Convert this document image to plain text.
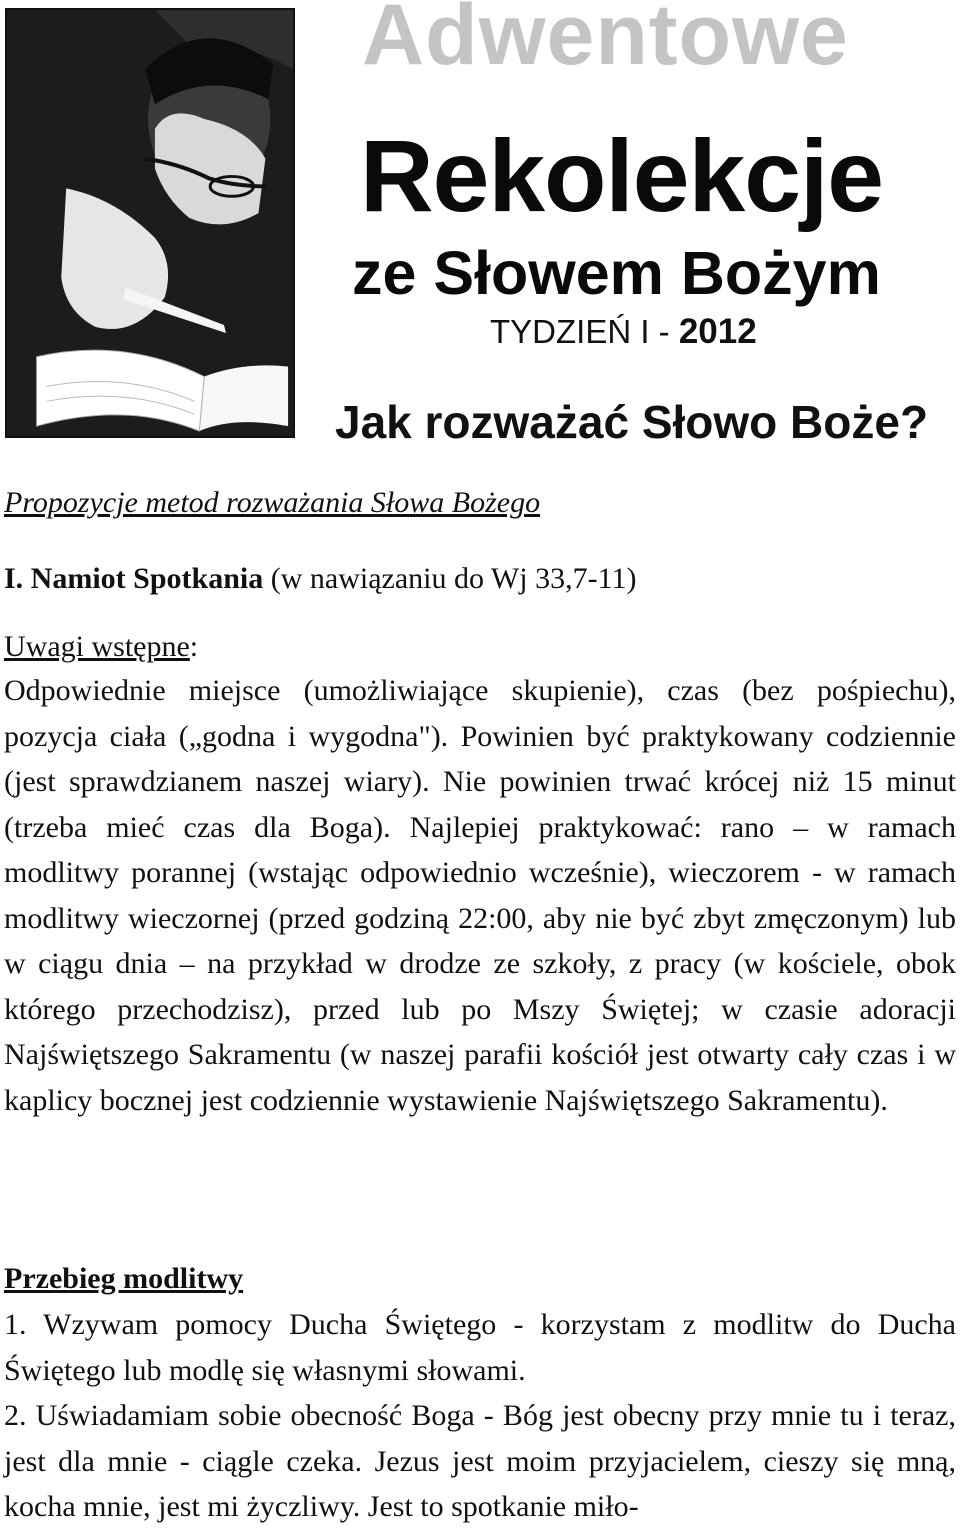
Adwentowe
Rekolekcje
ze Słowem Bożym
TYDZIEŃ I - 2012
Jak rozważać Słowo Boże?
Propozycje metod rozważania Słowa Bożego
I. Namiot Spotkania (w nawiązaniu do Wj 33,7-11)
Uwagi wstępne:
Odpowiednie miejsce (umożliwiające skupienie), czas (bez pośpiechu), pozycja ciała („godna i wygodna"). Powinien być praktykowany codziennie (jest sprawdzianem naszej wiary). Nie powinien trwać krócej niż 15 minut (trzeba mieć czas dla Boga). Najlepiej praktykować: rano – w ramach modlitwy porannej (wstając odpowiednio wcześnie), wieczorem - w ramach modlitwy wieczornej (przed godziną 22:00, aby nie być zbyt zmęczonym) lub w ciągu dnia – na przykład w drodze ze szkoły, z pracy (w kościele, obok którego przechodzisz), przed lub po Mszy Świętej; w czasie adoracji Najświętszego Sakramentu (w naszej parafii kościół jest otwarty cały czas i w kaplicy bocznej jest codziennie wystawienie Najświętszego Sakramentu).
Przebieg modlitwy

1. Wzywam pomocy Ducha Świętego - korzystam z modlitw do Ducha Świętego lub modlę się własnymi słowami.

2. Uświadamiam sobie obecność Boga - Bóg jest obecny przy mnie tu i teraz, jest dla mnie - ciągle czeka. Jezus jest moim przyjacielem, cieszy się mną, kocha mnie, jest mi życzliwy. Jest to spotkanie miło-
